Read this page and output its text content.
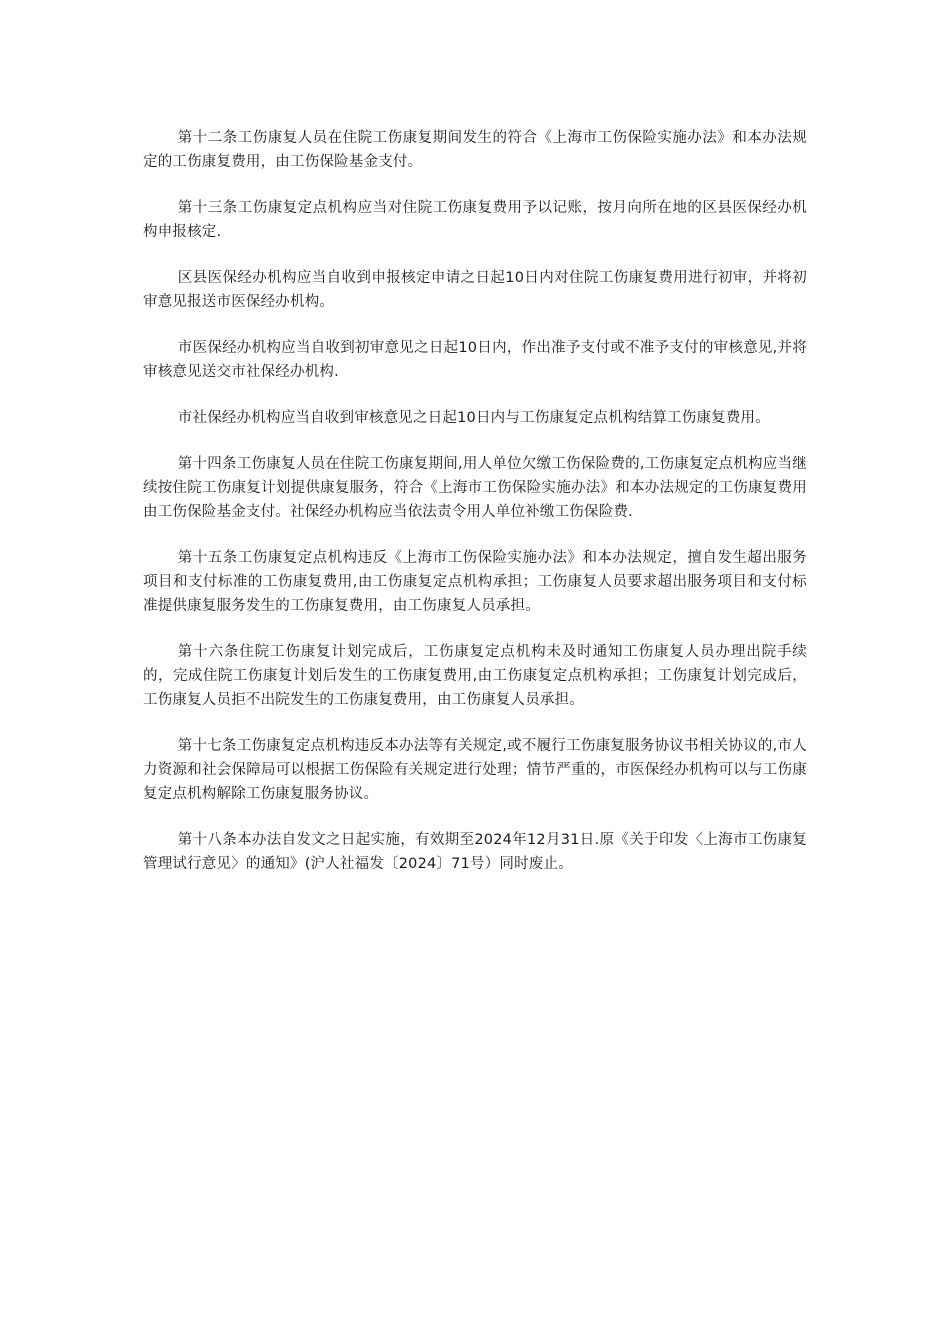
第十二条工伤康复人员在住院工伤康复期间发生的符合《上海市工伤保险实施办法》和本办法规定的工伤康复费用，由工伤保险基金支付。

第十三条工伤康复定点机构应当对住院工伤康复费用予以记账，按月向所在地的区县医保经办机构申报核定.

区县医保经办机构应当自收到申报核定申请之日起10日内对住院工伤康复费用进行初审，并将初审意见报送市医保经办机构。

市医保经办机构应当自收到初审意见之日起10日内，作出准予支付或不准予支付的审核意见,并将审核意见送交市社保经办机构.

市社保经办机构应当自收到审核意见之日起10日内与工伤康复定点机构结算工伤康复费用。

第十四条工伤康复人员在住院工伤康复期间,用人单位欠缴工伤保险费的,工伤康复定点机构应当继续按住院工伤康复计划提供康复服务，符合《上海市工伤保险实施办法》和本办法规定的工伤康复费用由工伤保险基金支付。社保经办机构应当依法责令用人单位补缴工伤保险费.

第十五条工伤康复定点机构违反《上海市工伤保险实施办法》和本办法规定，擅自发生超出服务项目和支付标准的工伤康复费用,由工伤康复定点机构承担；工伤康复人员要求超出服务项目和支付标准提供康复服务发生的工伤康复费用，由工伤康复人员承担。

第十六条住院工伤康复计划完成后，工伤康复定点机构未及时通知工伤康复人员办理出院手续的，完成住院工伤康复计划后发生的工伤康复费用,由工伤康复定点机构承担；工伤康复计划完成后，工伤康复人员拒不出院发生的工伤康复费用，由工伤康复人员承担。

第十七条工伤康复定点机构违反本办法等有关规定,或不履行工伤康复服务协议书相关协议的,市人力资源和社会保障局可以根据工伤保险有关规定进行处理；情节严重的，市医保经办机构可以与工伤康复定点机构解除工伤康复服务协议。

第十八条本办法自发文之日起实施，有效期至2024年12月31日.原《关于印发〈上海市工伤康复管理试行意见〉的通知》(沪人社福发〔2024〕71号）同时废止。
